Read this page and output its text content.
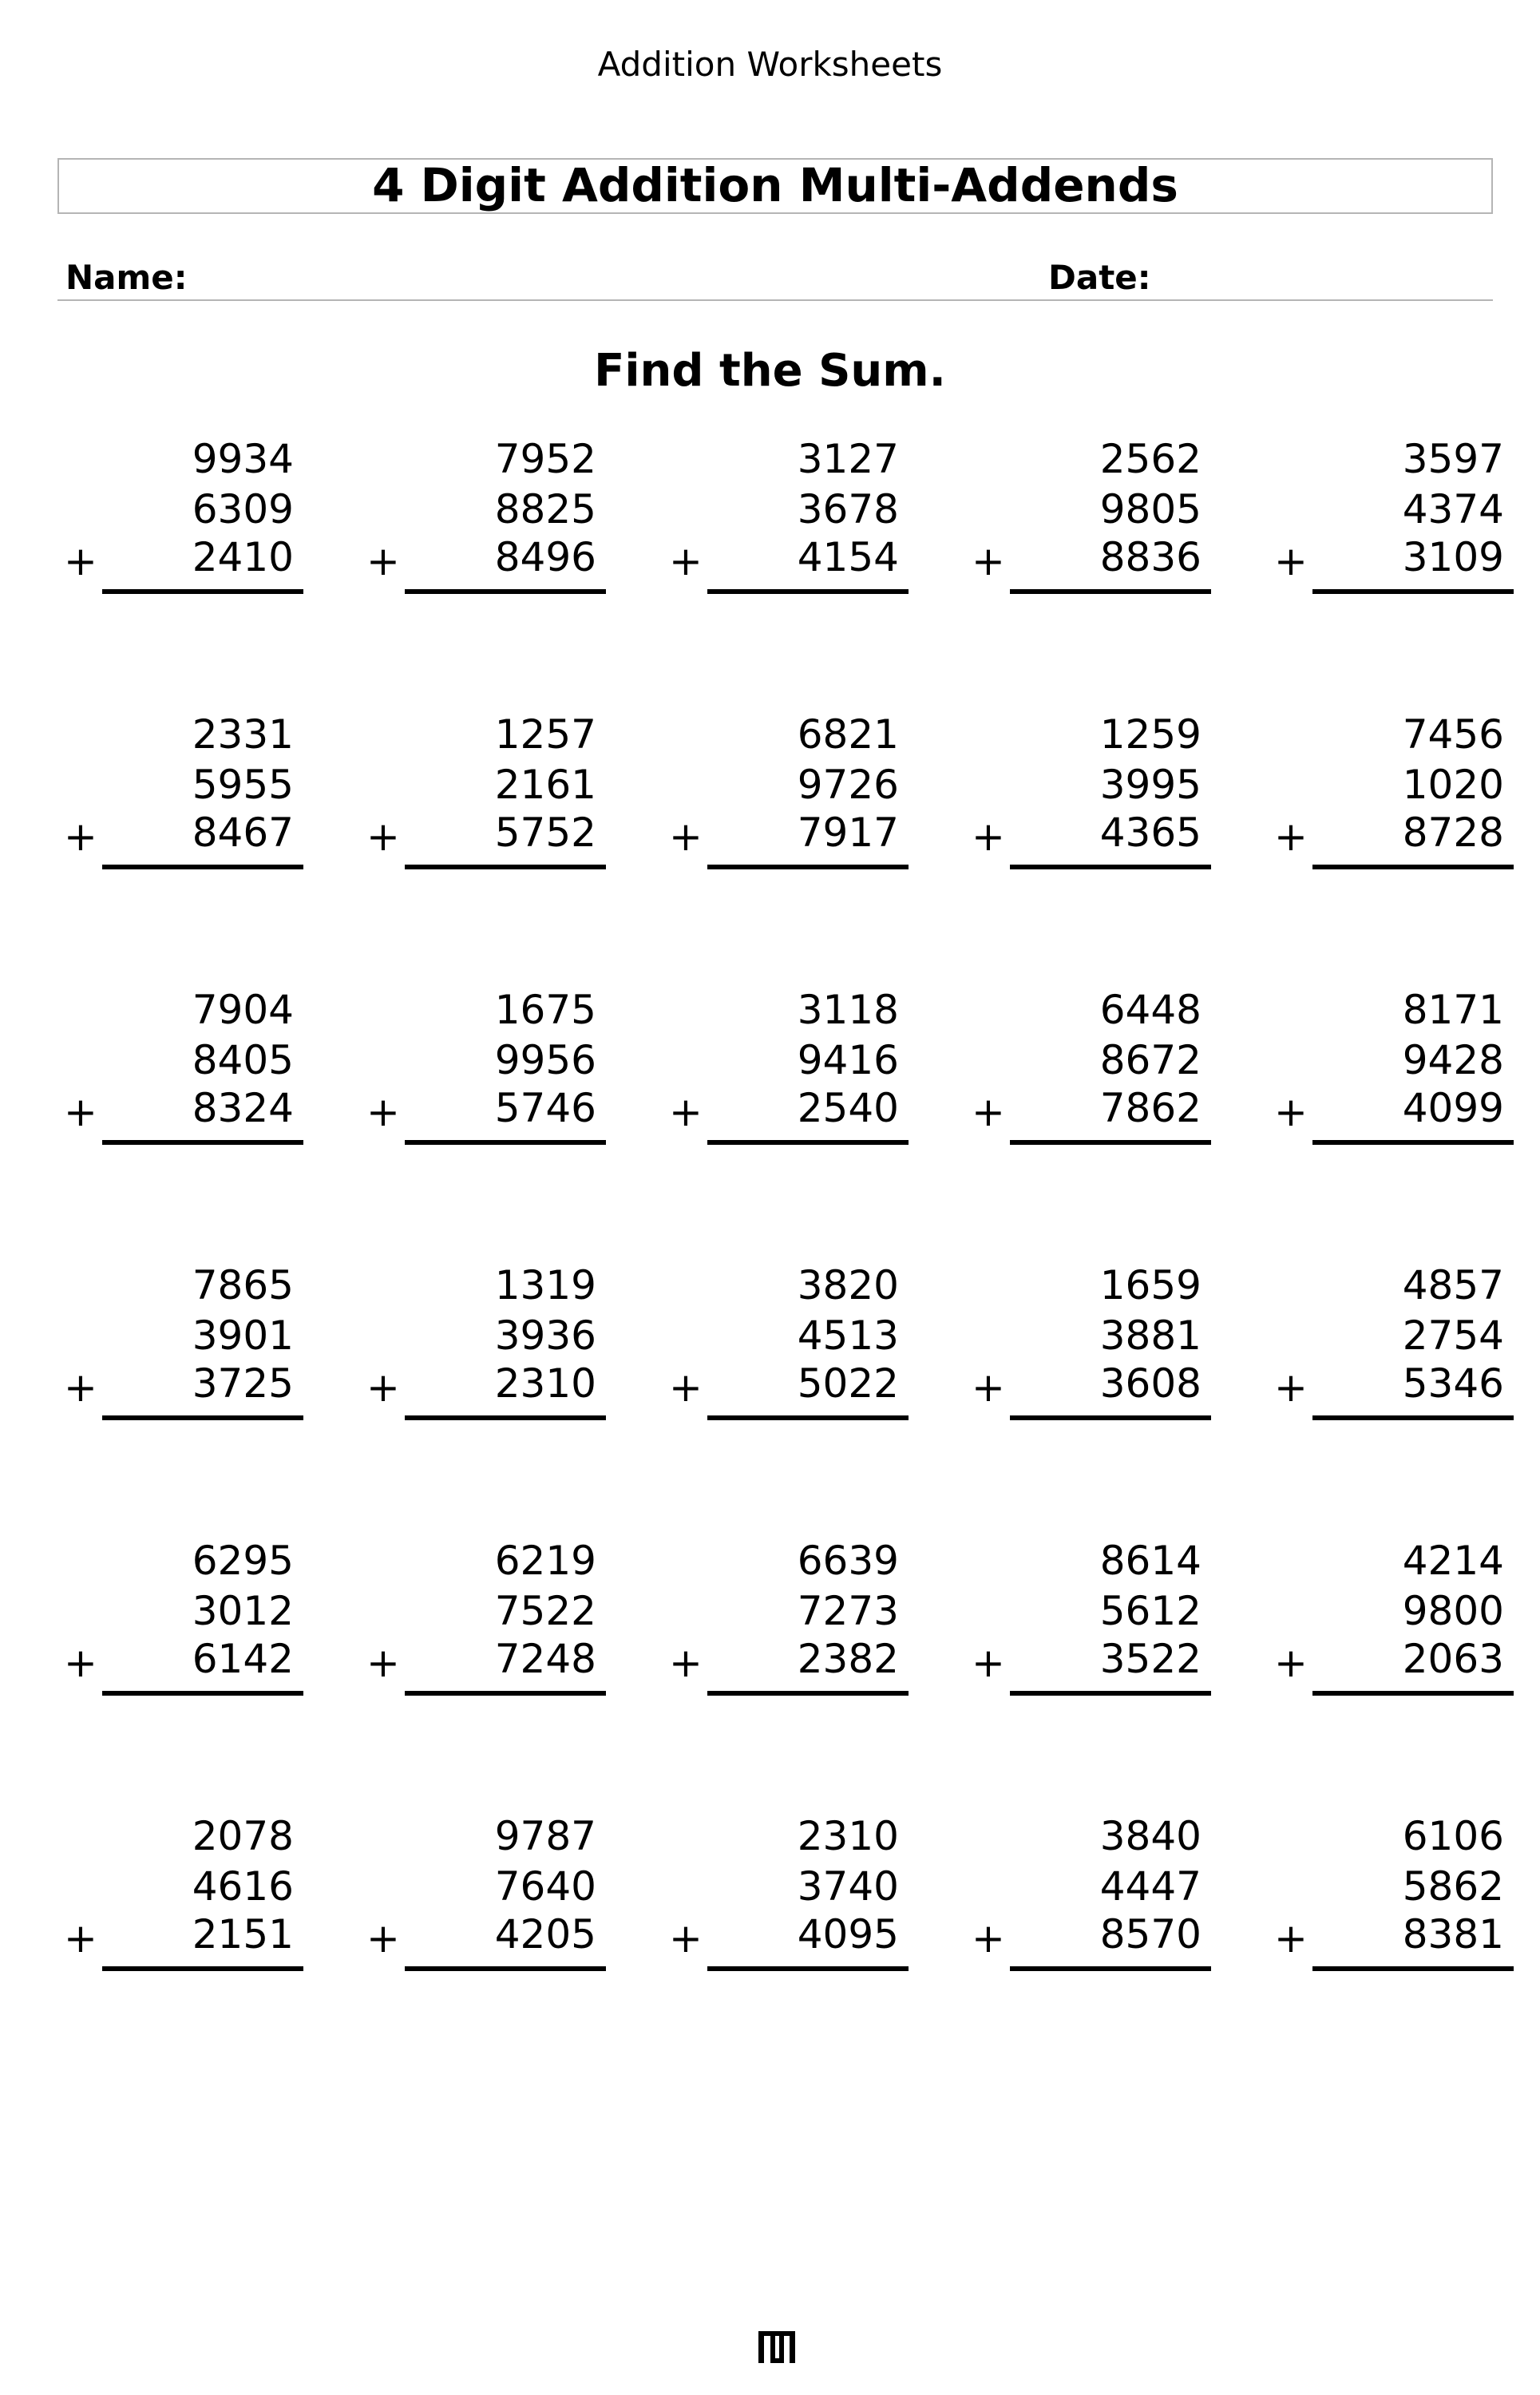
Addition Worksheets
4 Digit Addition Multi-Addends
Name:	Date:
Find the Sum.
9934
6309
2410
+
7952
8825
8496
+
3127
3678
4154
+
2562
9805
8836
+
3597
4374
3109
+
2331
5955
8467
+
1257
2161
5752
+
6821
9726
7917
+
1259
3995
4365
+
7456
1020
8728
+
7904
8405
8324
+
1675
9956
5746
+
3118
9416
2540
+
6448
8672
7862
+
8171
9428
4099
+
7865
3901
3725
+
1319
3936
2310
+
3820
4513
5022
+
1659
3881
3608
+
4857
2754
5346
+
6295
3012
6142
+
6219
7522
7248
+
6639
7273
2382
+
8614
5612
3522
+
4214
9800
2063
+
2078
4616
2151
+
9787
7640
4205
+
2310
3740
4095
+
3840
4447
8570
+
6106
5862
8381
+
